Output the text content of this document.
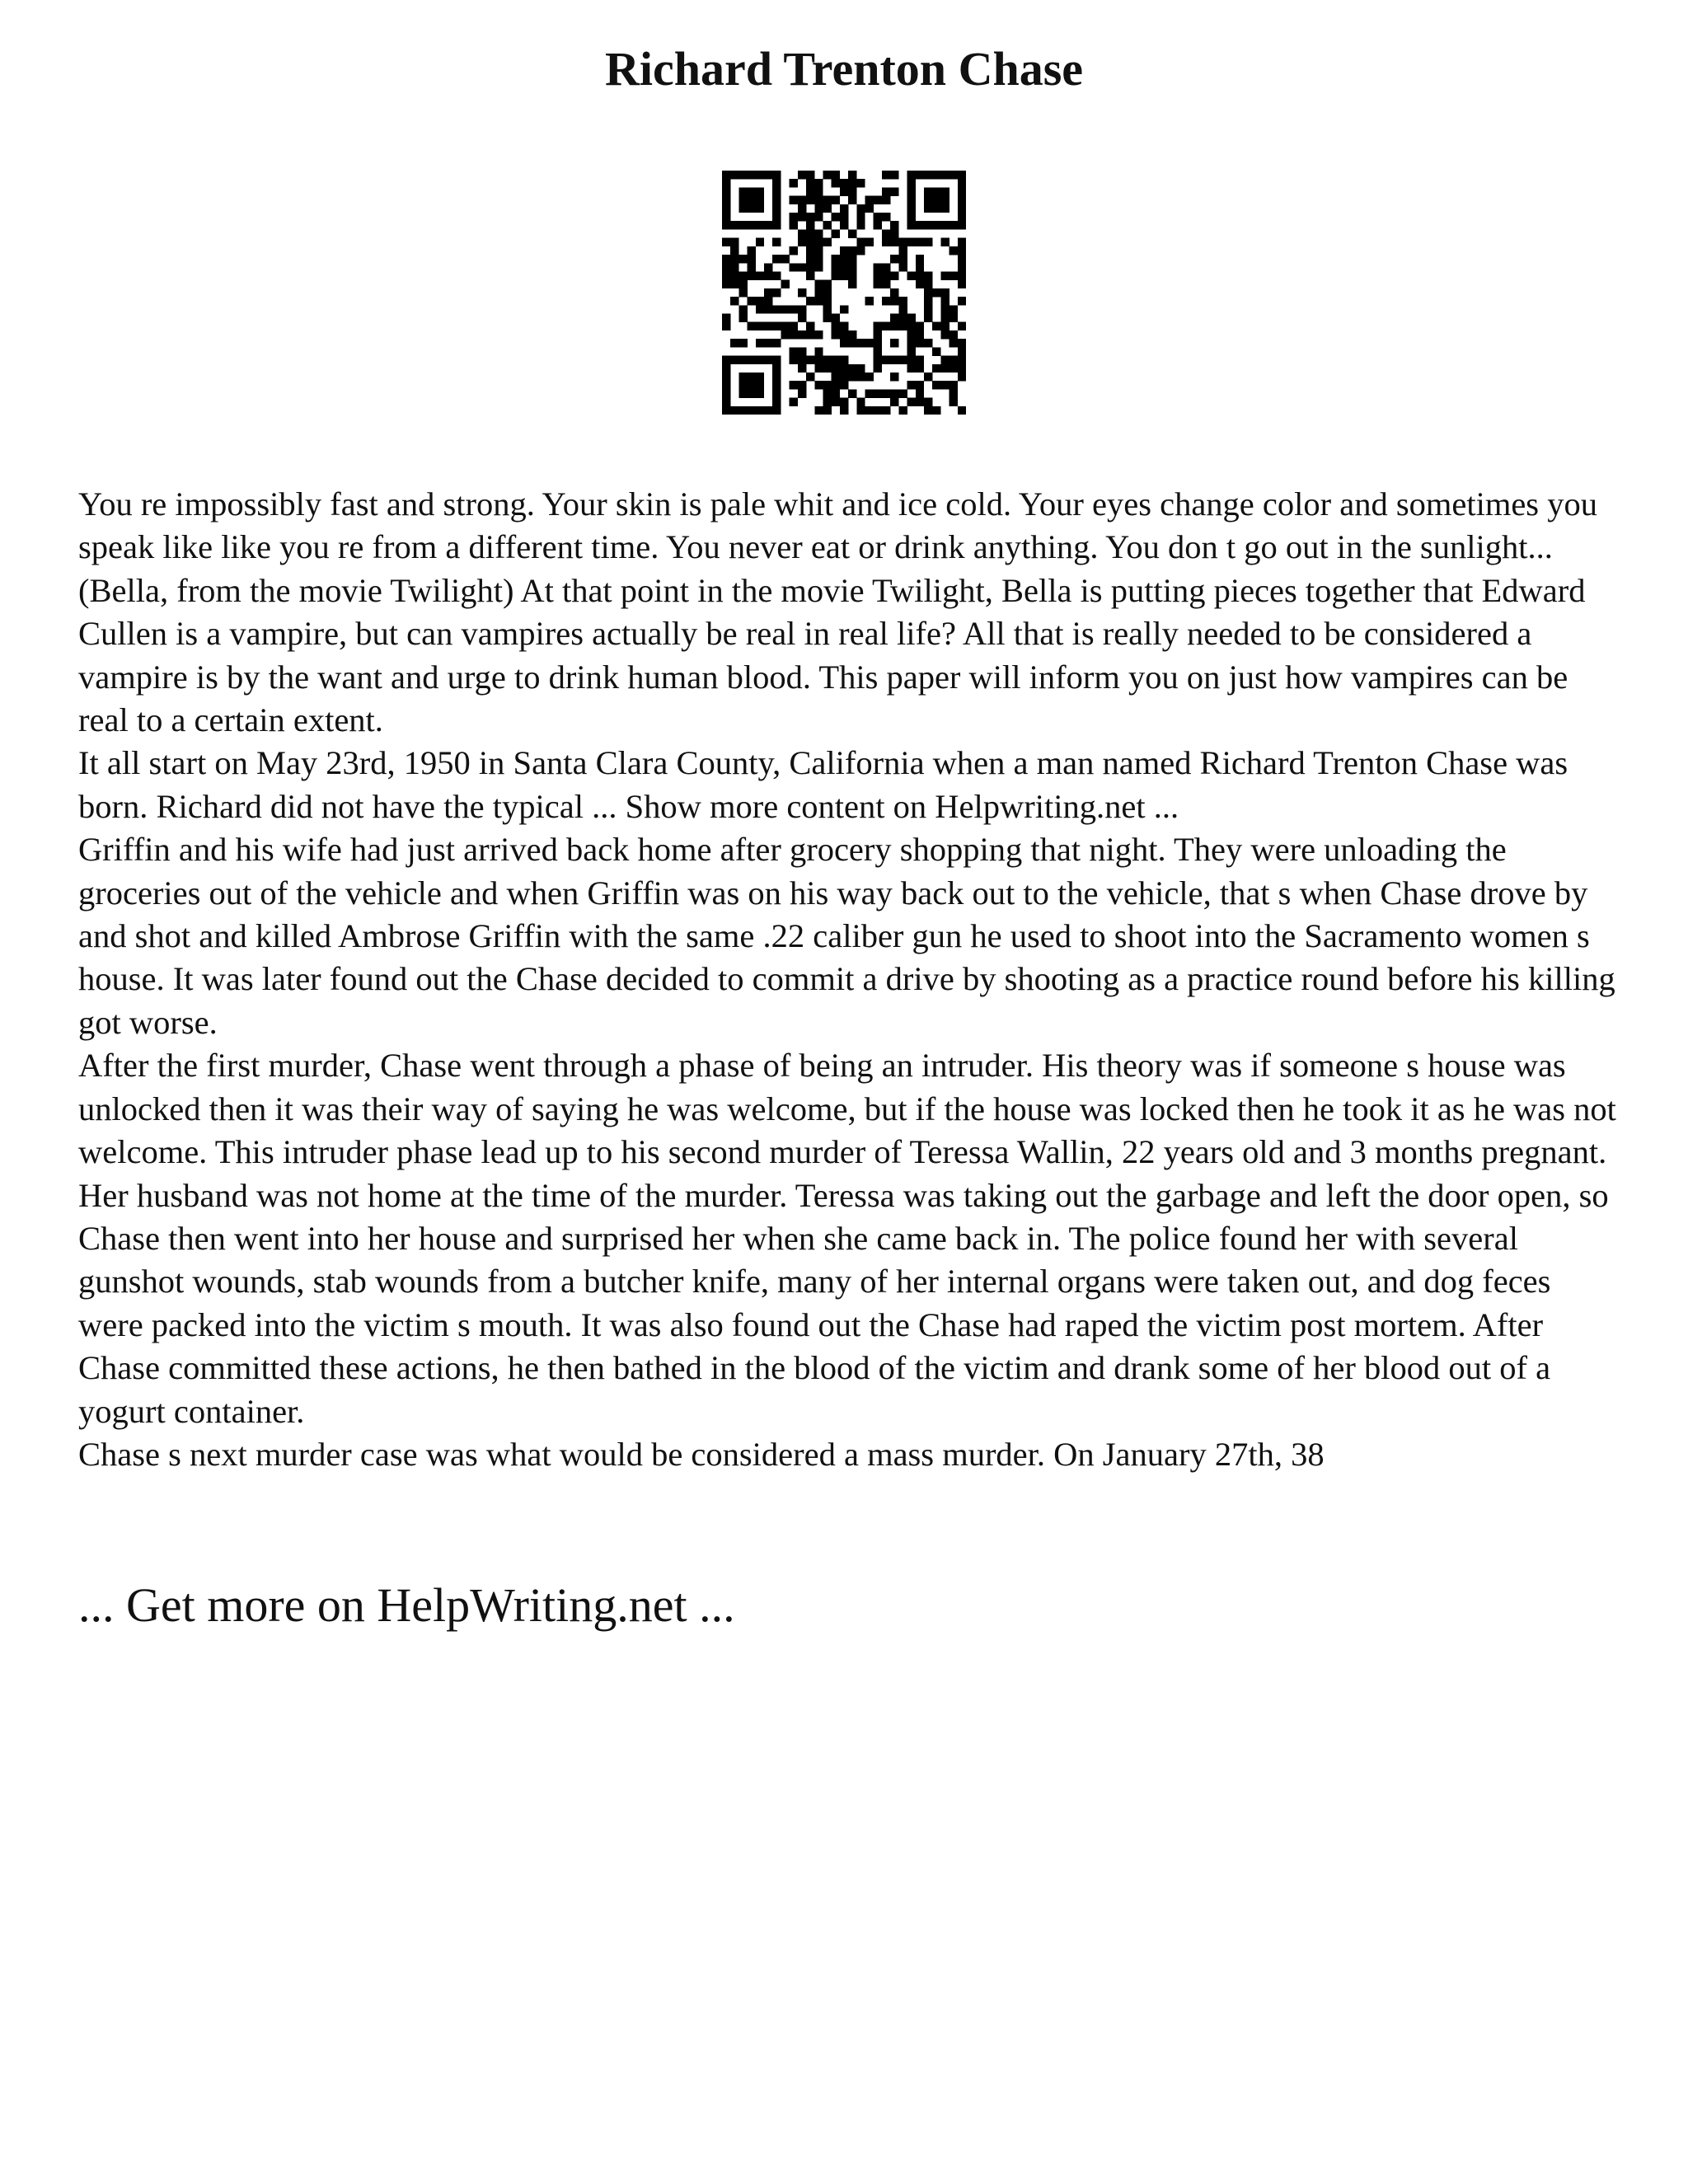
Richard Trenton Chase

You re impossibly fast and strong. Your skin is pale whit and ice cold. Your eyes change color and sometimes you speak like like you re from a different time. You never eat or drink anything. You don t go out in the sunlight... (Bella, from the movie Twilight) At that point in the movie Twilight, Bella is putting pieces together that Edward Cullen is a vampire, but can vampires actually be real in real life? All that is really needed to be considered a vampire is by the want and urge to drink human blood. This paper will inform you on just how vampires can be real to a certain extent.

It all start on May 23rd, 1950 in Santa Clara County, California when a man named Richard Trenton Chase was born. Richard did not have the typical ... Show more content on Helpwriting.net ...

Griffin and his wife had just arrived back home after grocery shopping that night. They were unloading the groceries out of the vehicle and when Griffin was on his way back out to the vehicle, that s when Chase drove by and shot and killed Ambrose Griffin with the same .22 caliber gun he used to shoot into the Sacramento women s house. It was later found out the Chase decided to commit a drive by shooting as a practice round before his killing got worse.

After the first murder, Chase went through a phase of being an intruder. His theory was if someone s house was unlocked then it was their way of saying he was welcome, but if the house was locked then he took it as he was not welcome. This intruder phase lead up to his second murder of Teressa Wallin, 22 years old and 3 months pregnant. Her husband was not home at the time of the murder. Teressa was taking out the garbage and left the door open, so Chase then went into her house and surprised her when she came back in. The police found her with several gunshot wounds, stab wounds from a butcher knife, many of her internal organs were taken out, and dog feces were packed into the victim s mouth. It was also found out the Chase had raped the victim post mortem. After Chase committed these actions, he then bathed in the blood of the victim and drank some of her blood out of a yogurt container.

Chase s next murder case was what would be considered a mass murder. On January 27th, 38

... Get more on HelpWriting.net ...
